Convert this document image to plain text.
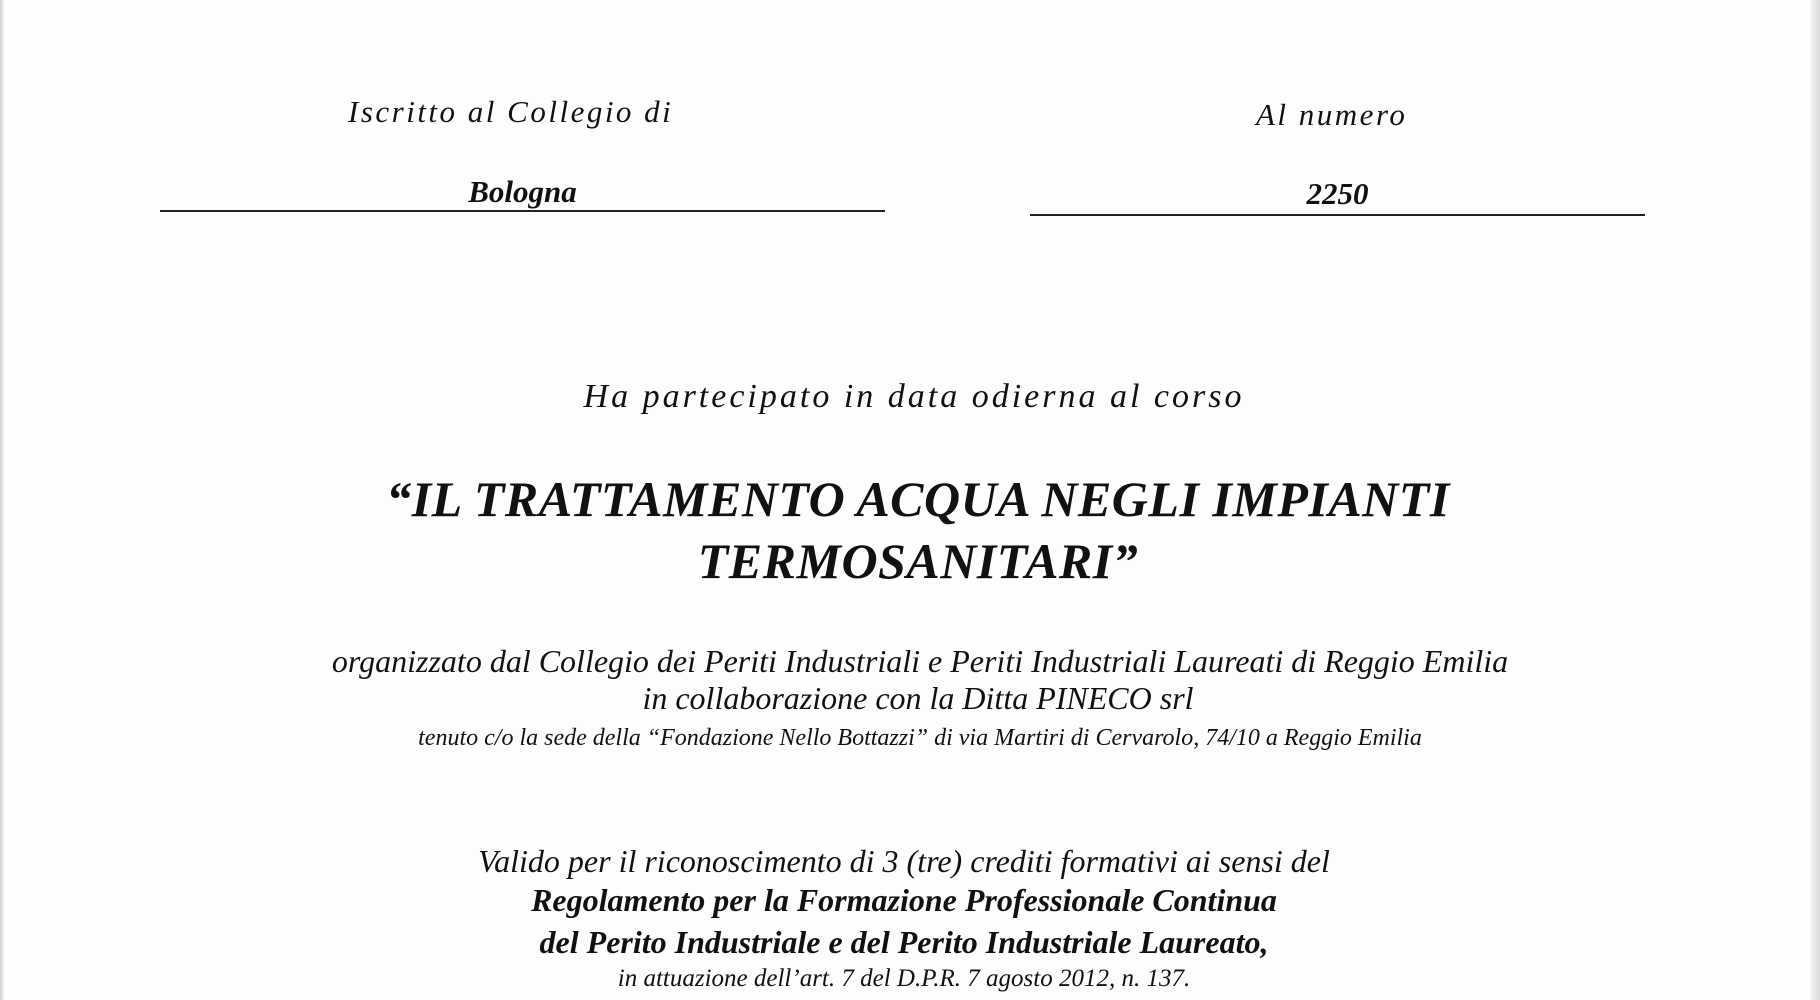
Iscritto al Collegio di
Bologna
Al numero
2250
Ha partecipato in data odierna al corso
“IL TRATTAMENTO ACQUA NEGLI IMPIANTI
TERMOSANITARI”
organizzato dal Collegio dei Periti Industriali e Periti Industriali Laureati di Reggio Emilia
in collaborazione con la Ditta PINECO srl
tenuto c/o la sede della “Fondazione Nello Bottazzi” di via Martiri di Cervarolo, 74/10 a Reggio Emilia
Valido per il riconoscimento di 3 (tre) crediti formativi ai sensi del
Regolamento per la Formazione Professionale Continua
del Perito Industriale e del Perito Industriale Laureato,
in attuazione dell’art. 7 del D.P.R. 7 agosto 2012, n. 137.
